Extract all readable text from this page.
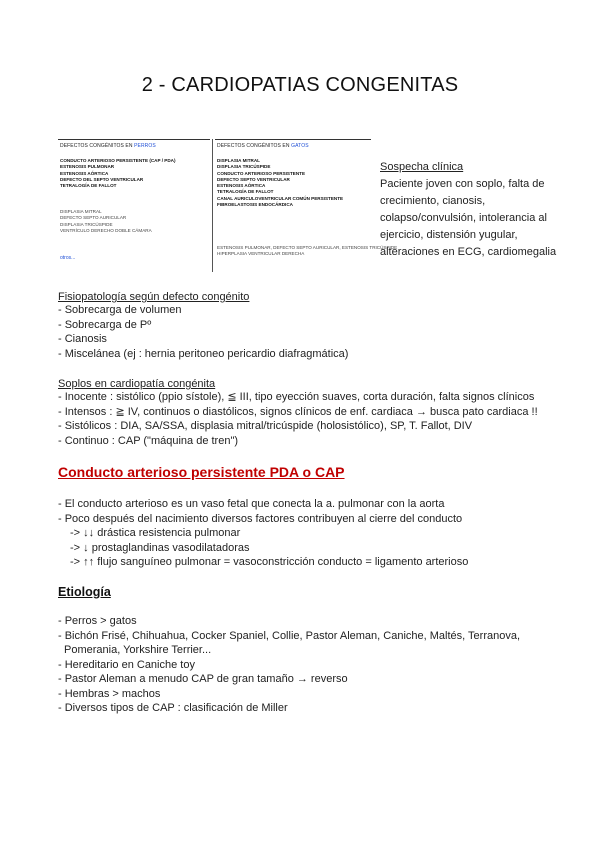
2 - CARDIOPATIAS CONGENITAS
DEFECTOS CONGÉNITOS EN PERROS
CONDUCTO ARTERIOSO PERSISTENTE (CAP / PDA)
ESTENOSIS PULMONAR
ESTENOSIS AÓRTICA
DEFECTO DEL SEPTO VENTRICULAR
TETRALOGÍA DE FALLOT
DISPLASIA MITRAL
DEFECTO SEPTO AURICULAR
DISPLASIA TRICÚSPIDE
VENTRÍCULO DERECHO DOBLE CÁMARA
otros...
DEFECTOS CONGÉNITOS EN GATOS
DISPLASIA MITRAL
DISPLASIA TRICÚSPIDE
CONDUCTO ARTERIOSO PERSISTENTE
DEFECTO SEPTO VENTRICULAR
ESTENOSIS AÓRTICA
TETRALOGÍA DE FALLOT
CANAL AURICULOVENTRICULAR COMÚN PERSISTENTE
FIBROELASTOSIS ENDOCÁRDICA
ESTENOSIS PULMONAR, DEFECTO SEPTO AURICULAR, ESTENOSIS TRICÚSPIDE
HIPERPLASIA VENTRICULAR DERECHA
Sospecha clínica
Paciente joven con soplo, falta de
crecimiento, cianosis,
colapso/convulsión, intolerancia al
ejercicio, distensión yugular,
alteraciones en ECG, cardiomegalia
Fisiopatología según defecto congénito
- Sobrecarga de volumen
- Sobrecarga de Pº
- Cianosis
- Miscelánea (ej : hernia peritoneo pericardio diafragmática)
Soplos en cardiopatía congénita
- Inocente : sistólico (ppio sístole), ≦ III, tipo eyección suaves, corta duración, falta signos clínicos
- Intensos : ≧ IV, continuos o diastólicos, signos clínicos de enf. cardiaca → busca pato cardiaca !!
- Sistólicos : DIA, SA/SSA, displasia mitral/tricúspide (holosistólico), SP, T. Fallot, DIV
- Continuo : CAP ("máquina de tren")
Conducto arterioso persistente PDA o CAP
- El conducto arterioso es un vaso fetal que conecta la a. pulmonar con la aorta
- Poco después del nacimiento diversos factores contribuyen al cierre del conducto
-> ↓↓ drástica resistencia pulmonar
-> ↓ prostaglandinas vasodilatadoras
-> ↑↑ flujo sanguíneo pulmonar = vasoconstricción conducto = ligamento arterioso
Etiología
- Perros > gatos
- Bichón Frisé, Chihuahua, Cocker Spaniel, Collie, Pastor Aleman, Caniche, Maltés, Terranova,
Pomerania, Yorkshire Terrier...
- Hereditario en Caniche toy
- Pastor Aleman a menudo CAP de gran tamaño → reverso
- Hembras > machos
- Diversos tipos de CAP : clasificación de Miller
